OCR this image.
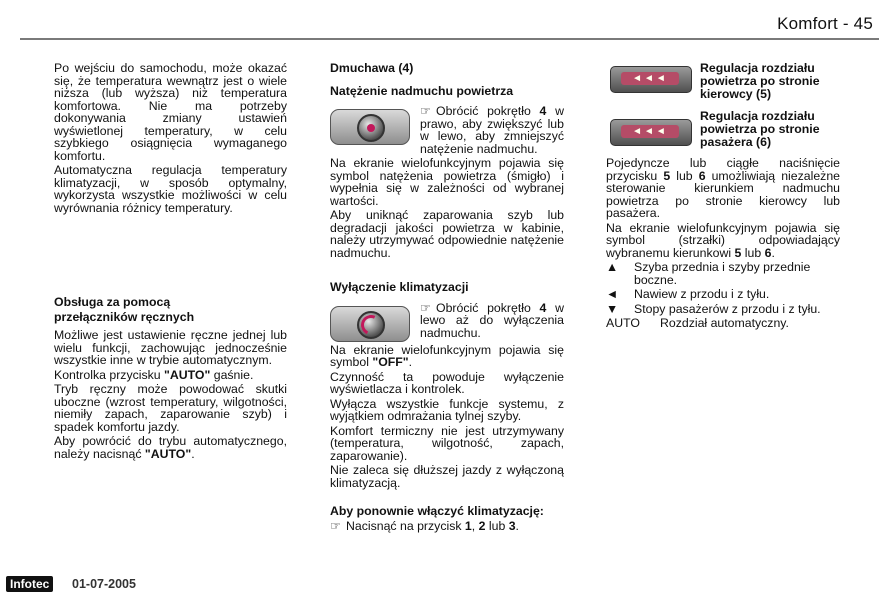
Komfort - 45

Po wejściu do samochodu, może okazać się, że temperatura wewnątrz jest o wiele niższa (lub wyższa) niż temperatura komfortowa. Nie ma potrzeby dokonywania zmiany ustawień wyświetlonej temperatury, w celu szybkiego osiągnięcia wymaganego komfortu.

Automatyczna regulacja temperatury klimatyzacji, w sposób optymalny, wykorzysta wszystkie możliwości w celu wyrównania różnicy temperatury.

Obsługa za pomocą

przełączników ręcznych

Możliwe jest ustawienie ręczne jednej lub wielu funkcji, zachowując jednocześnie wszystkie inne w trybie automatycznym.

Kontrolka przycisku "AUTO" gaśnie.

Tryb ręczny może powodować skutki uboczne (wzrost temperatury, wilgotności, niemiły zapach, zaparowanie szyb) i spadek komfortu jazdy.

Aby powrócić do trybu automatycznego, należy nacisnąć "AUTO".

Dmuchawa (4)

Natężenie nadmuchu powietrza

☞ Obrócić pokrętło 4 w prawo, aby zwiększyć lub w lewo, aby zmniejszyć natężenie nadmuchu.

Na ekranie wielofunkcyjnym pojawia się symbol natężenia powietrza (śmigło) i wypełnia się w zależności od wybranej wartości.

Aby uniknąć zaparowania szyb lub degradacji jakości powietrza w kabinie, należy utrzymywać odpowiednie natężenie nadmuchu.

Wyłączenie klimatyzacji

☞ Obrócić pokrętło 4 w lewo aż do wyłączenia nadmuchu.

Na ekranie wielofunkcyjnym pojawia się symbol "OFF".

Czynność ta powoduje wyłączenie wyświetlacza i kontrolek.

Wyłącza wszystkie funkcje systemu, z wyjątkiem odmrażania tylnej szyby.

Komfort termiczny nie jest utrzymywany (temperatura, wilgotność, zapach, zaparowanie).

Nie zaleca się dłuższej jazdy z wyłączoną klimatyzacją.

Aby ponownie włączyć klimatyzację:

☞ Nacisnąć na przycisk 1, 2 lub 3.

◄◄◄
Regulacja rozdziału powietrza po stronie kierowcy (5)
◄◄◄
Regulacja rozdziału powietrza po stronie pasażera (6)

Pojedyncze lub ciągłe naciśnięcie przycisku 5 lub 6 umożliwiają niezależne sterowanie kierunkiem nadmuchu powietrza po stronie kierowcy lub pasażera.

Na ekranie wielofunkcyjnym pojawia się symbol (strzałki) odpowiadający wybranemu kierunkowi 5 lub 6.

▲	Szyba przednia i szyby przednie boczne.
◄	Nawiew z przodu i z tyłu.
▼	Stopy pasażerów z przodu i z tyłu.
AUTO	Rozdział automatyczny.
Infotec	01-07-2005
